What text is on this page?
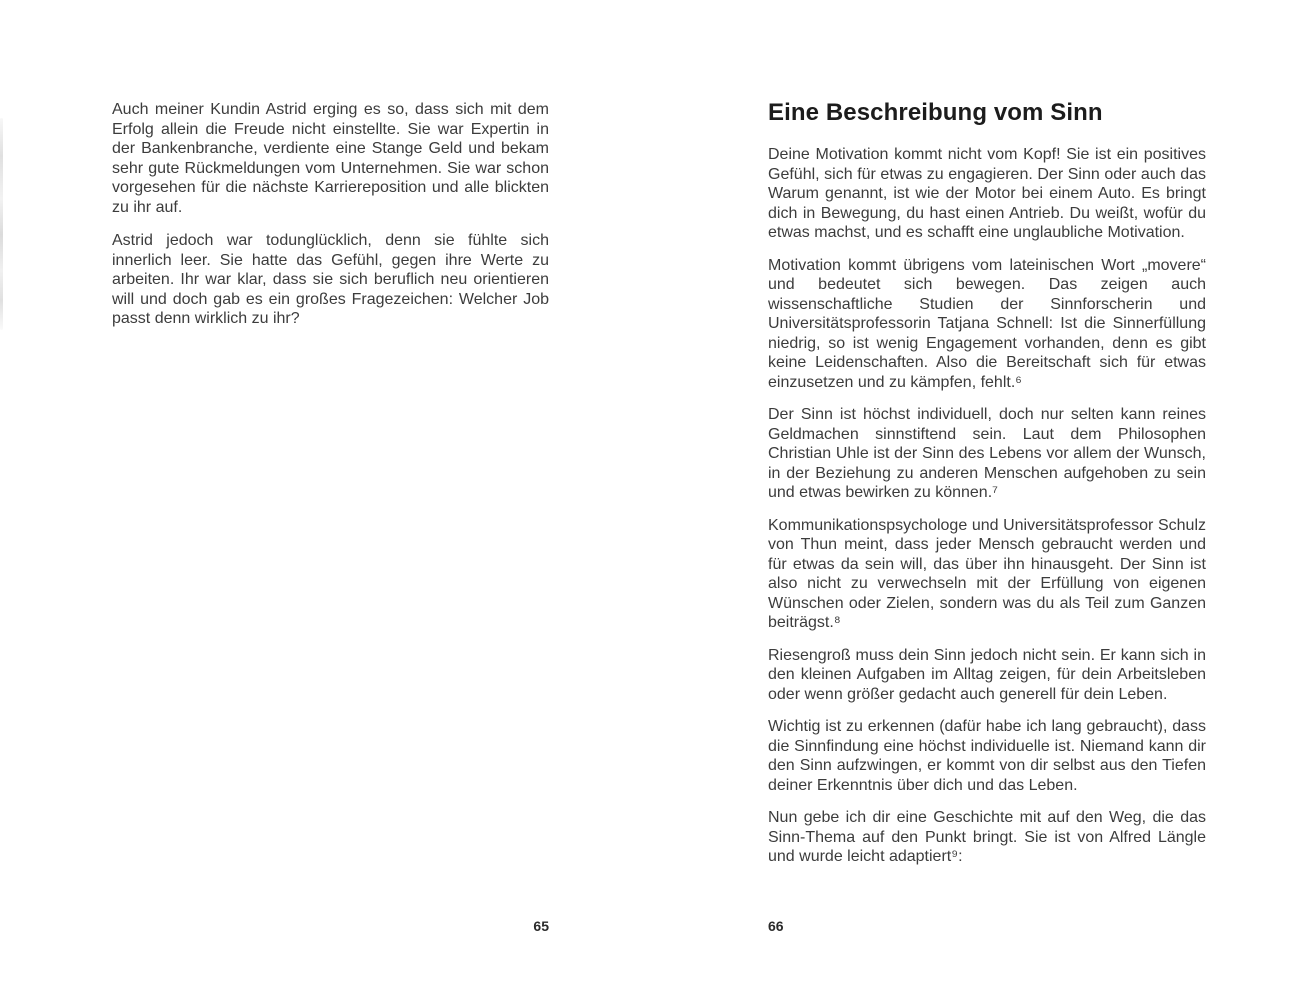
Auch meiner Kundin Astrid erging es so, dass sich mit dem Erfolg allein die Freude nicht einstellte. Sie war Expertin in der Bankenbranche, verdiente eine Stange Geld und bekam sehr gute Rückmeldungen vom Unternehmen. Sie war schon vorgesehen für die nächste Karriereposition und alle blickten zu ihr auf.

Astrid jedoch war todunglücklich, denn sie fühlte sich innerlich leer. Sie hatte das Gefühl, gegen ihre Werte zu arbeiten. Ihr war klar, dass sie sich beruflich neu orientieren will und doch gab es ein großes Fragezeichen: Welcher Job passt denn wirklich zu ihr?

Eine Beschreibung vom Sinn

Deine Motivation kommt nicht vom Kopf! Sie ist ein positives Gefühl, sich für etwas zu engagieren. Der Sinn oder auch das Warum genannt, ist wie der Motor bei einem Auto. Es bringt dich in Bewegung, du hast einen Antrieb. Du weißt, wofür du etwas machst, und es schafft eine unglaubliche Motivation.

Motivation kommt übrigens vom lateinischen Wort „movere“ und bedeutet sich bewegen. Das zeigen auch wissenschaftliche Studien der Sinnforscherin und Universitätsprofessorin Tatjana Schnell: Ist die Sinnerfüllung niedrig, so ist wenig Engagement vorhanden, denn es gibt keine Leidenschaften. Also die Bereitschaft sich für etwas einzusetzen und zu kämpfen, fehlt.⁶

Der Sinn ist höchst individuell, doch nur selten kann reines Geldmachen sinnstiftend sein. Laut dem Philosophen Christian Uhle ist der Sinn des Lebens vor allem der Wunsch, in der Beziehung zu anderen Menschen aufgehoben zu sein und etwas bewirken zu können.⁷

Kommunikationspsychologe und Universitätsprofessor Schulz von Thun meint, dass jeder Mensch gebraucht werden und für etwas da sein will, das über ihn hinausgeht. Der Sinn ist also nicht zu verwechseln mit der Erfüllung von eigenen Wünschen oder Zielen, sondern was du als Teil zum Ganzen beiträgst.⁸

Riesengroß muss dein Sinn jedoch nicht sein. Er kann sich in den kleinen Aufgaben im Alltag zeigen, für dein Arbeitsleben oder wenn größer gedacht auch generell für dein Leben.

Wichtig ist zu erkennen (dafür habe ich lang gebraucht), dass die Sinnfindung eine höchst individuelle ist. Niemand kann dir den Sinn aufzwingen, er kommt von dir selbst aus den Tiefen deiner Erkenntnis über dich und das Leben.

Nun gebe ich dir eine Geschichte mit auf den Weg, die das Sinn-Thema auf den Punkt bringt. Sie ist von Alfred Längle und wurde leicht adaptiert⁹:

65	66
